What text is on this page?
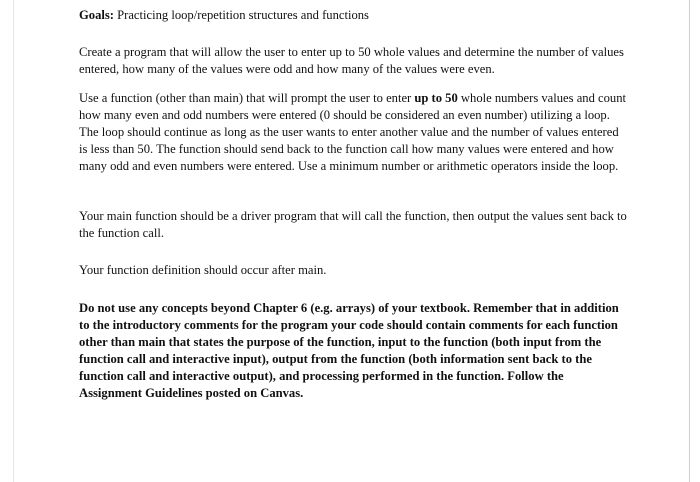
Goals: Practicing loop/repetition structures and functions

Create a program that will allow the user to enter up to 50 whole values and determine the number of values entered, how many of the values were odd and how many of the values were even.

Use a function (other than main) that will prompt the user to enter up to 50 whole numbers values and count how many even and odd numbers were entered (0 should be considered an even number) utilizing a loop. The loop should continue as long as the user wants to enter another value and the number of values entered is less than 50. The function should send back to the function call how many values were entered and how many odd and even numbers were entered. Use a minimum number or arithmetic operators inside the loop.

Your main function should be a driver program that will call the function, then output the values sent back to the function call.

Your function definition should occur after main.

Do not use any concepts beyond Chapter 6 (e.g. arrays) of your textbook. Remember that in addition to the introductory comments for the program your code should contain comments for each function other than main that states the purpose of the function, input to the function (both input from the function call and interactive input), output from the function (both information sent back to the function call and interactive output), and processing performed in the function. Follow the Assignment Guidelines posted on Canvas.
